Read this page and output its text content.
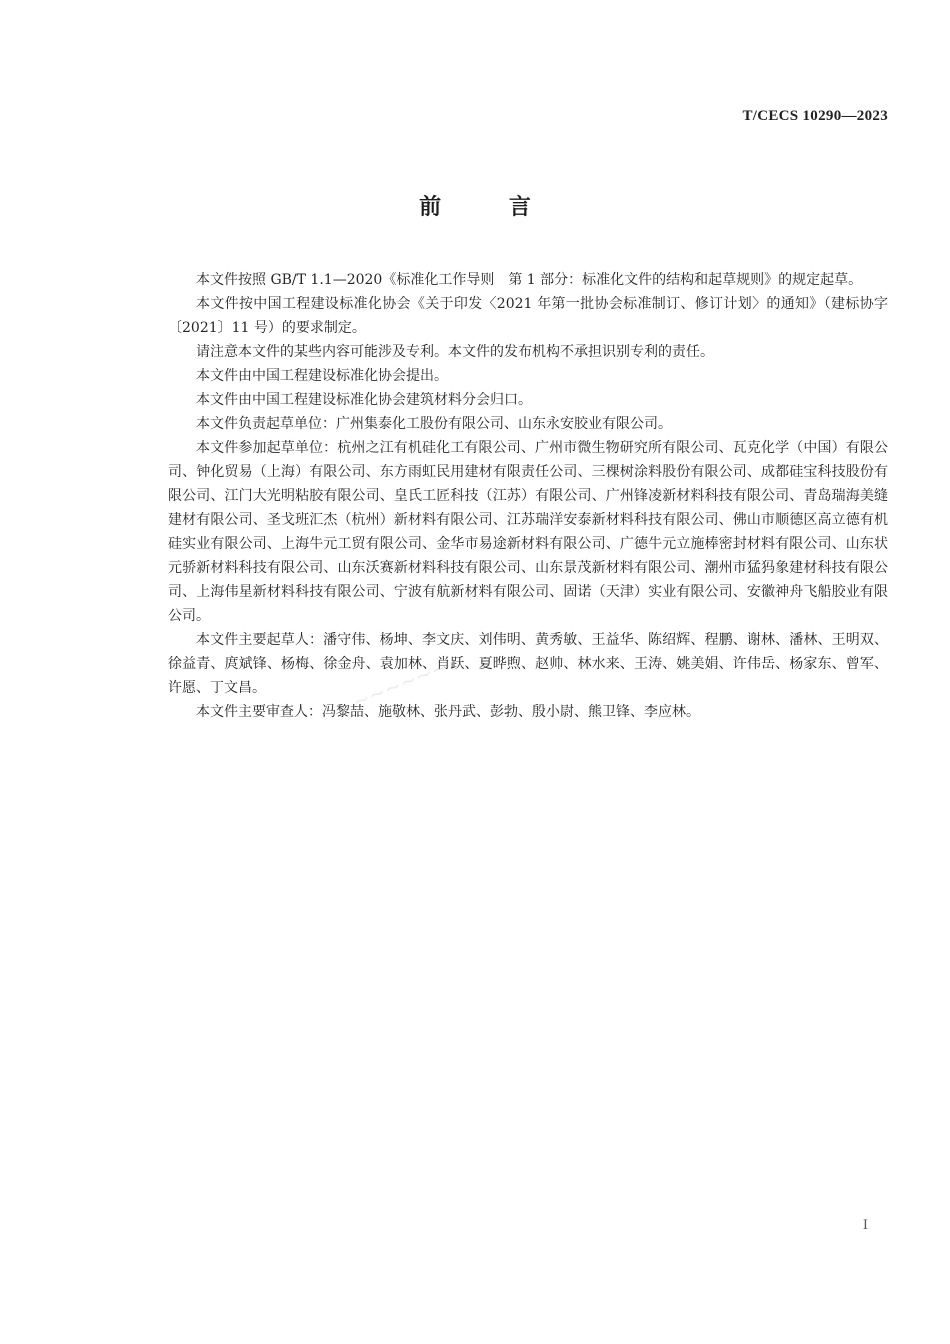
T/CECS 10290—2023
前 言

本文件按照 GB/T 1.1—2020《标准化工作导则　第 1 部分：标准化文件的结构和起草规则》的规定起草。

本文件按中国工程建设标准化协会《关于印发〈2021 年第一批协会标准制订、修订计划〉的通知》（建标协字〔2021〕11 号）的要求制定。

请注意本文件的某些内容可能涉及专利。本文件的发布机构不承担识别专利的责任。

本文件由中国工程建设标准化协会提出。

本文件由中国工程建设标准化协会建筑材料分会归口。

本文件负责起草单位：广州集泰化工股份有限公司、山东永安胶业有限公司。

本文件参加起草单位：杭州之江有机硅化工有限公司、广州市微生物研究所有限公司、瓦克化学（中国）有限公司、钟化贸易（上海）有限公司、东方雨虹民用建材有限责任公司、三棵树涂料股份有限公司、成都硅宝科技股份有限公司、江门大光明粘胶有限公司、皇氏工匠科技（江苏）有限公司、广州锋凌新材料科技有限公司、青岛瑞海美缝建材有限公司、圣戈班汇杰（杭州）新材料有限公司、江苏瑞洋安泰新材料科技有限公司、佛山市顺德区高立德有机硅实业有限公司、上海牛元工贸有限公司、金华市易途新材料有限公司、广德牛元立施棒密封材料有限公司、山东状元骄新材料科技有限公司、山东沃赛新材料科技有限公司、山东景茂新材料有限公司、潮州市猛犸象建材科技有限公司、上海伟星新材料科技有限公司、宁波有航新材料有限公司、固诺（天津）实业有限公司、安徽神舟飞船胶业有限公司。

本文件主要起草人：潘守伟、杨坤、李文庆、刘伟明、黄秀敏、王益华、陈绍辉、程鹏、谢林、潘林、王明双、徐益青、庹斌锋、杨梅、徐金舟、袁加林、肖跃、夏晔煦、赵帅、林水来、王涛、姚美娟、许伟岳、杨家东、曾军、许愿、丁文昌。

本文件主要审查人：冯黎喆、施敬林、张丹武、彭勃、殷小尉、熊卫锋、李应林。

~~~~~~
I
